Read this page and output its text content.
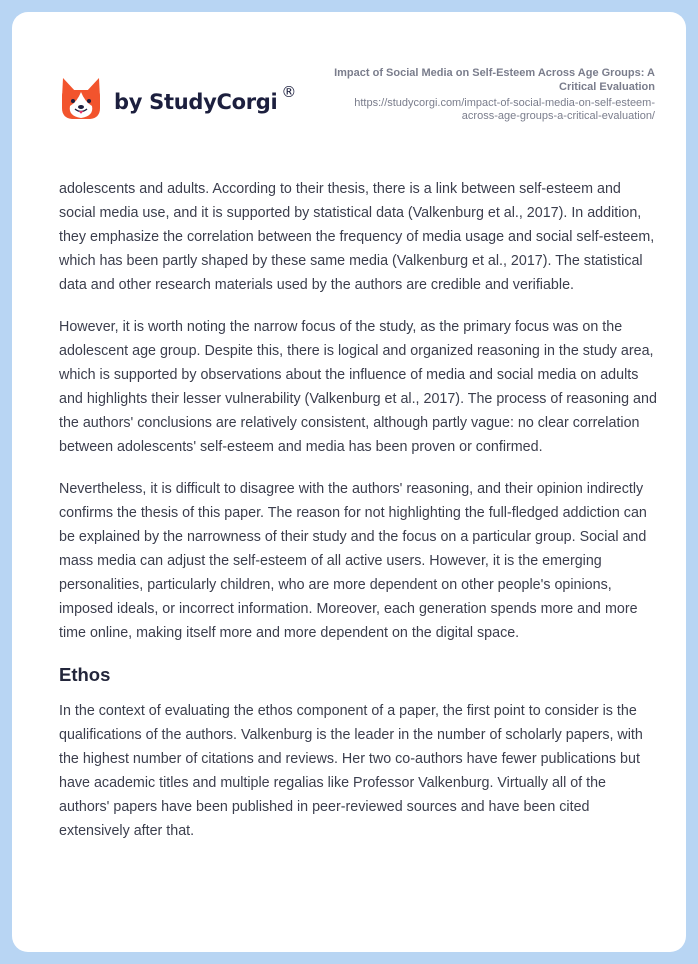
by StudyCorgi ®
Impact of Social Media on Self-Esteem Across Age Groups: A Critical Evaluation
https://studycorgi.com/impact-of-social-media-on-self-esteem-across-age-groups-a-critical-evaluation/

adolescents and adults. According to their thesis, there is a link between self-esteem and social media use, and it is supported by statistical data (Valkenburg et al., 2017). In addition, they emphasize the correlation between the frequency of media usage and social self-esteem, which has been partly shaped by these same media (Valkenburg et al., 2017). The statistical data and other research materials used by the authors are credible and verifiable.

However, it is worth noting the narrow focus of the study, as the primary focus was on the adolescent age group. Despite this, there is logical and organized reasoning in the study area, which is supported by observations about the influence of media and social media on adults and highlights their lesser vulnerability (Valkenburg et al., 2017). The process of reasoning and the authors' conclusions are relatively consistent, although partly vague: no clear correlation between adolescents' self-esteem and media has been proven or confirmed.

Nevertheless, it is difficult to disagree with the authors' reasoning, and their opinion indirectly confirms the thesis of this paper. The reason for not highlighting the full-fledged addiction can be explained by the narrowness of their study and the focus on a particular group. Social and mass media can adjust the self-esteem of all active users. However, it is the emerging personalities, particularly children, who are more dependent on other people's opinions, imposed ideals, or incorrect information. Moreover, each generation spends more and more time online, making itself more and more dependent on the digital space.

Ethos

In the context of evaluating the ethos component of a paper, the first point to consider is the qualifications of the authors. Valkenburg is the leader in the number of scholarly papers, with the highest number of citations and reviews. Her two co-authors have fewer publications but have academic titles and multiple regalias like Professor Valkenburg. Virtually all of the authors' papers have been published in peer-reviewed sources and have been cited extensively after that.
